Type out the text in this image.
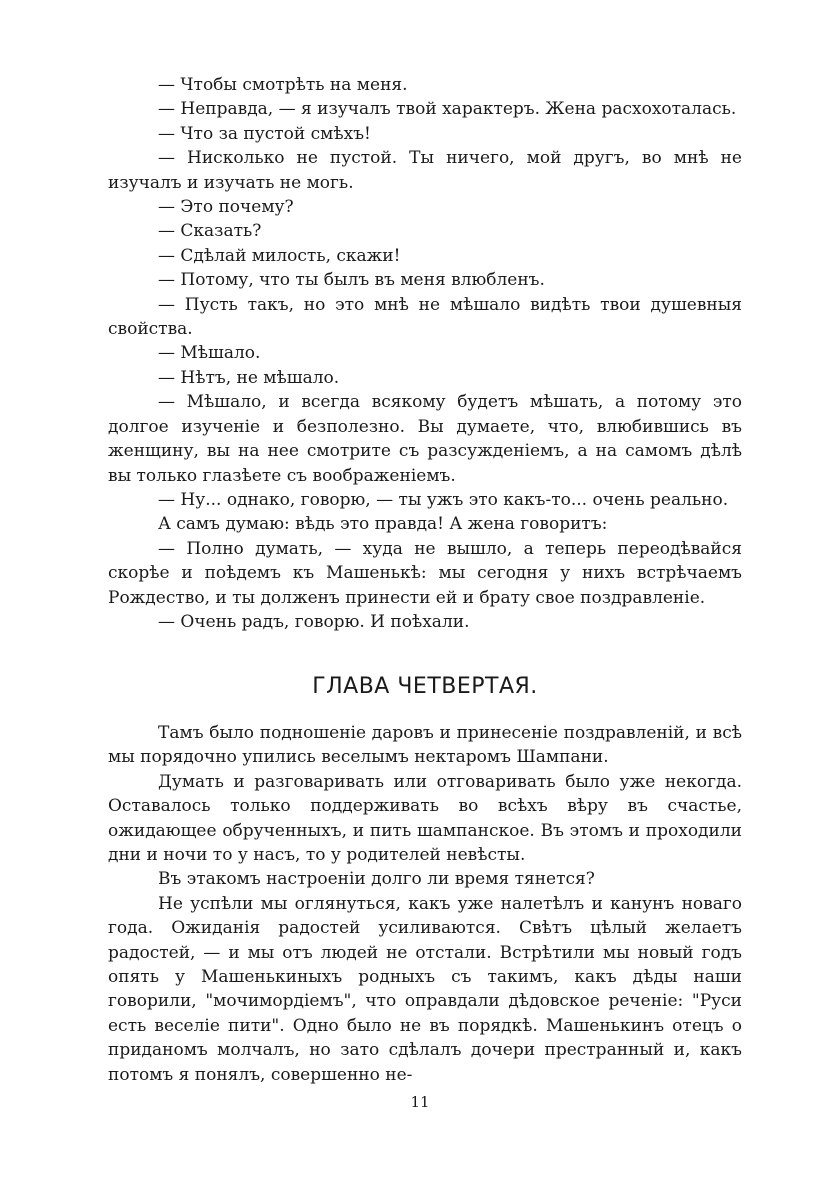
— Чтобы смотрѣть на меня.

— Неправда, — я изучалъ твой характеръ. Жена расхохоталась.

— Что за пустой смѣхъ!

— Нисколько не пустой. Ты ничего, мой другъ, во мнѣ не изучалъ и изучать не могь.

— Это почему?

— Сказать?

— Сдѣлай милость, скажи!

— Потому, что ты былъ въ меня влюбленъ.

— Пусть такъ, но это мнѣ не мѣшало видѣть твои душевныя свойства.

— Мѣшало.

— Нѣтъ, не мѣшало.

— Мѣшало, и всегда всякому будетъ мѣшать, а потому это долгое изученіе и безполезно. Вы думаете, что, влюбившись въ женщину, вы на нее смотрите съ разсужденіемъ, а на самомъ дѣлѣ вы только глазѣете съ воображеніемъ.

— Ну... однако, говорю, — ты ужъ это какъ-то... очень реально.

А самъ думаю: вѣдь это правда! А жена говоритъ:

— Полно думать, — худа не вышло, а теперь переодѣвайся скорѣе и поѣдемъ къ Машенькѣ: мы сегодня у нихъ встрѣчаемъ Рождество, и ты долженъ принести ей и брату свое поздравленіе.

— Очень радъ, говорю. И поѣхали.

ГЛАВА ЧЕТВЕРТАЯ.

Тамъ было подношеніе даровъ и принесеніе поздравленій, и всѣ мы порядочно упились веселымъ нектаромъ Шампани.

Думать и разговаривать или отговаривать было уже некогда. Оставалось только поддерживать во всѣхъ вѣру въ счастье, ожидающее обрученныхъ, и пить шампанское. Въ этомъ и проходили дни и ночи то у насъ, то у родителей невѣсты.

Въ этакомъ настроеніи долго ли время тянется?

Не успѣли мы оглянуться, какъ уже налетѣлъ и канунъ новаго года. Ожиданія радостей усиливаются. Свѣтъ цѣлый желаетъ радостей, — и мы отъ людей не отстали. Встрѣтили мы новый годъ опять у Машенькиныхъ родныхъ съ такимъ, какъ дѣды наши говорили, "мочимордіемъ", что оправдали дѣдовское реченіе: "Руси есть веселіе пити". Одно было не въ порядкѣ. Машенькинъ отецъ о приданомъ молчалъ, но зато сдѣлалъ дочери престранный и, какъ потомъ я понялъ, совершенно не-

11
